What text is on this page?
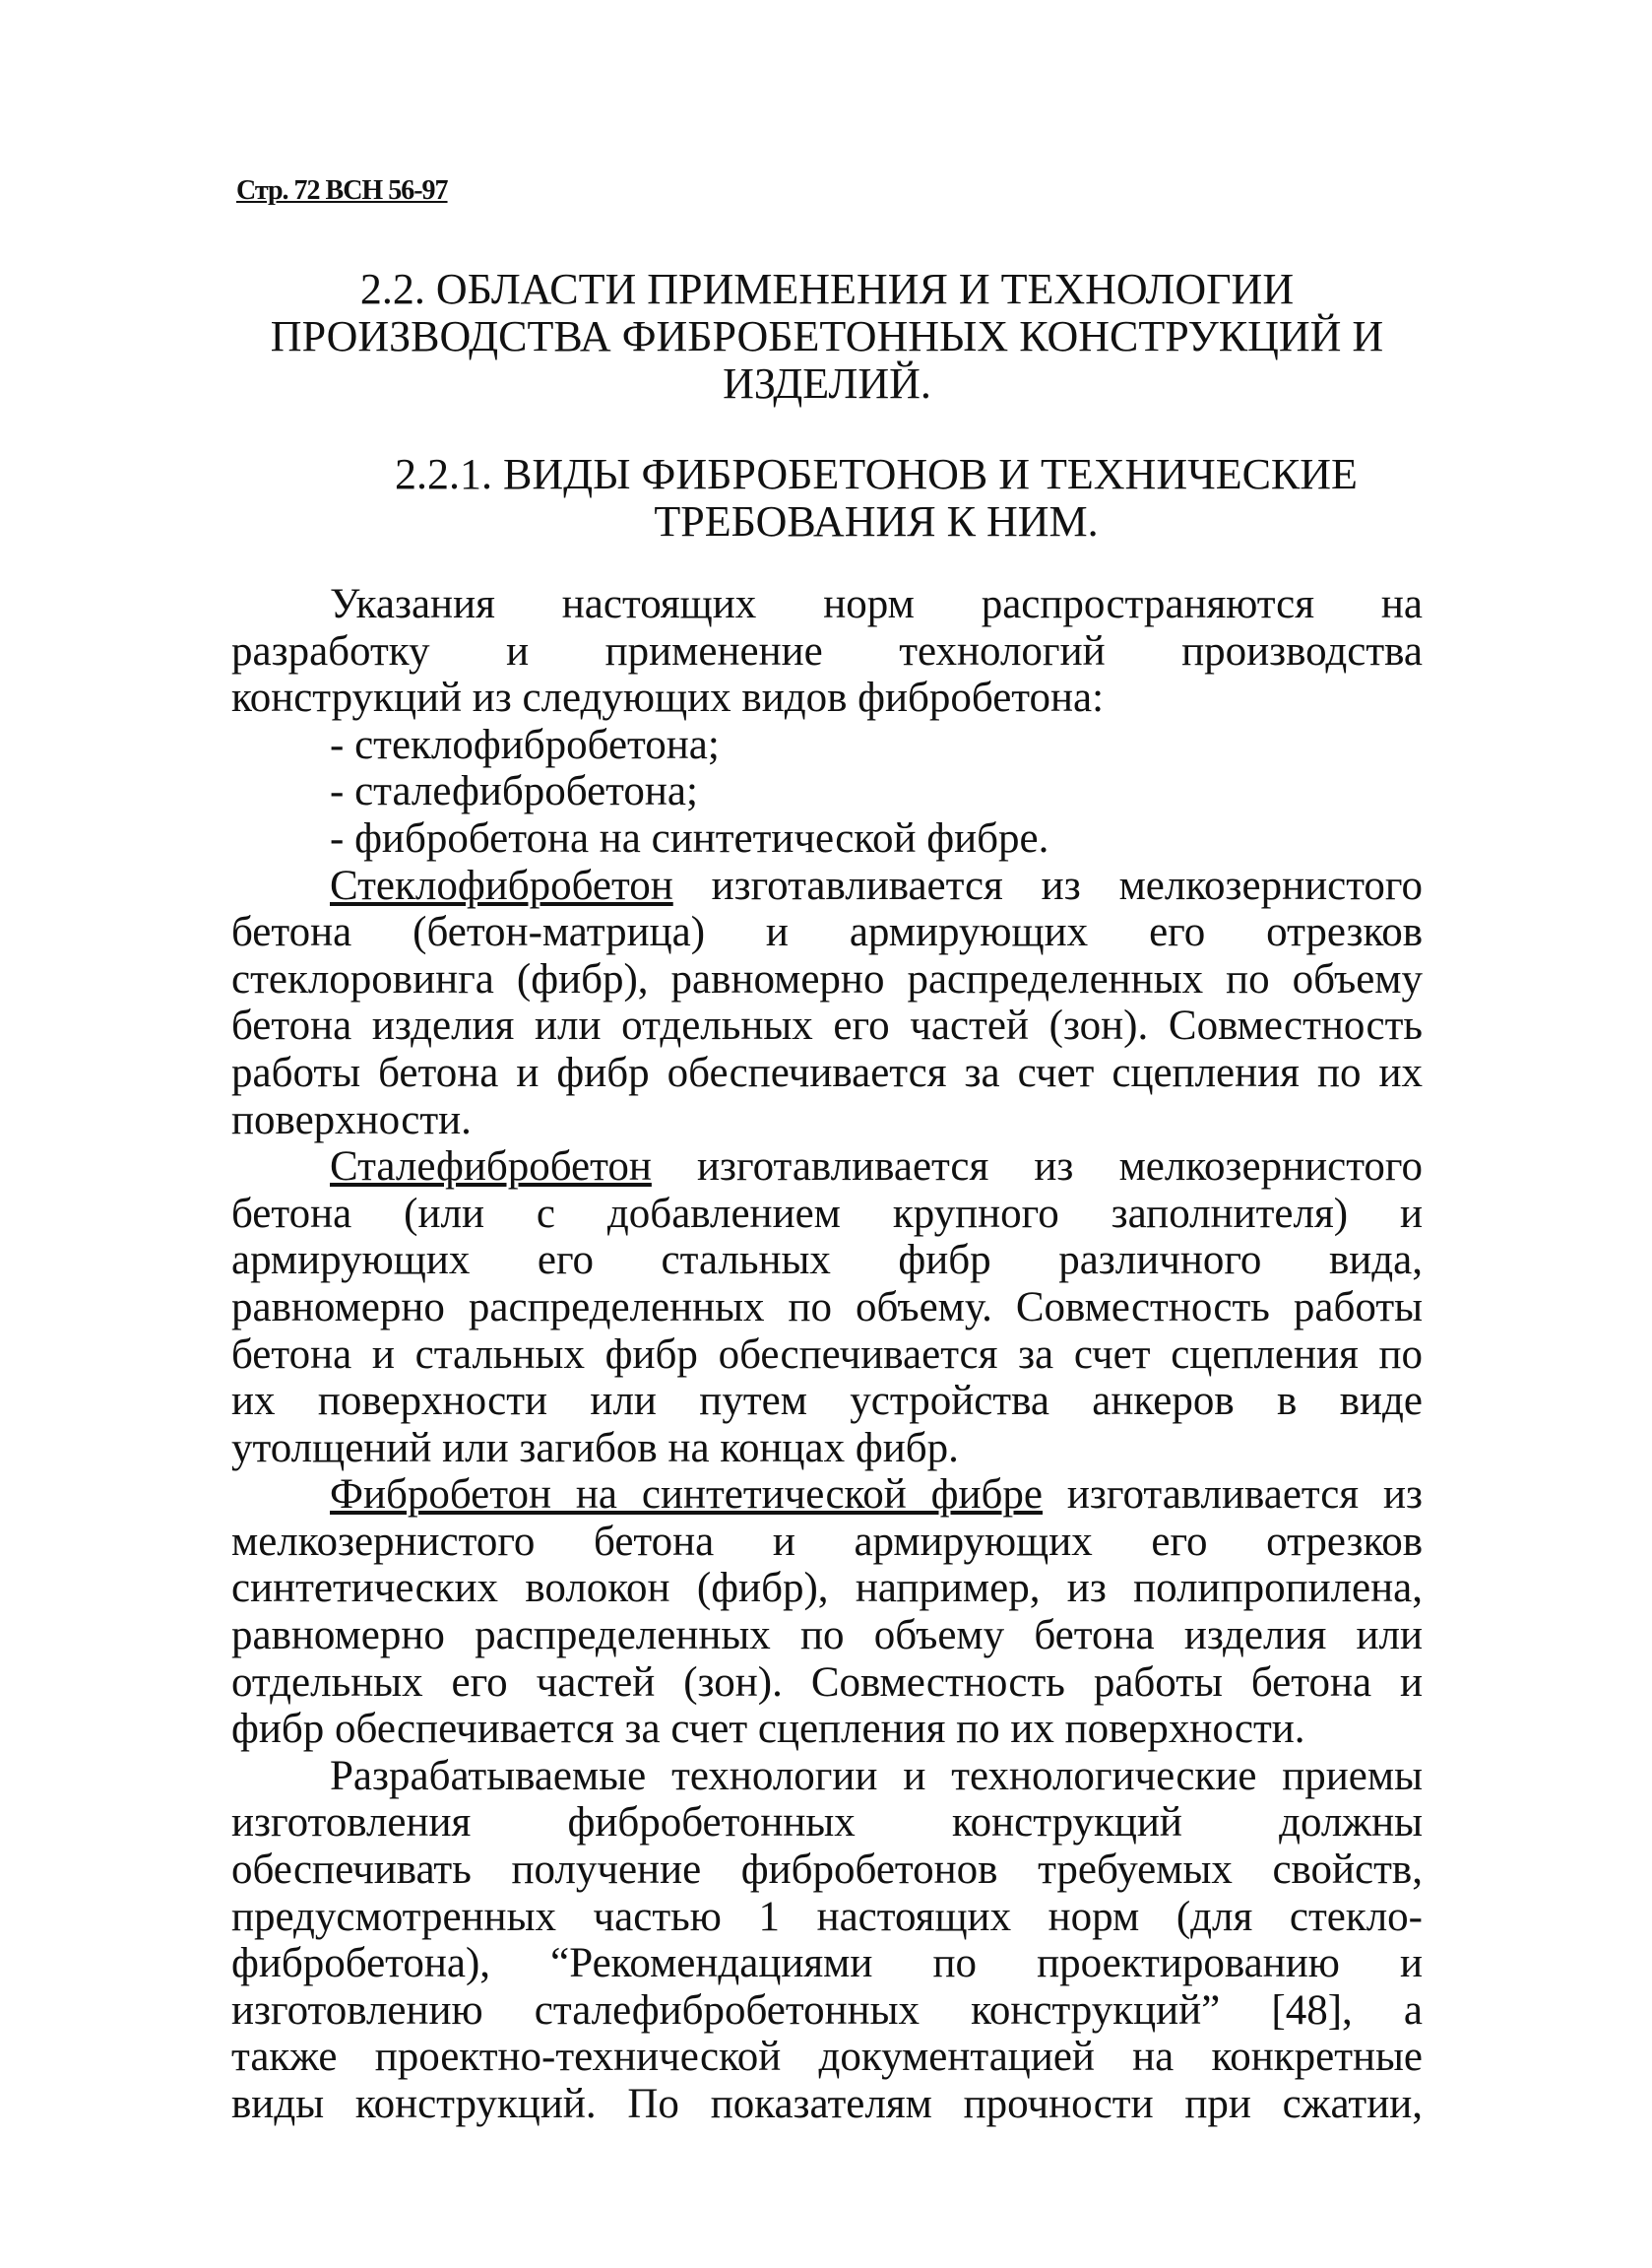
Стр. 72 ВСН 56-97
2.2. ОБЛАСТИ ПРИМЕНЕНИЯ И ТЕХНОЛОГИИ
ПРОИЗВОДСТВА ФИБРОБЕТОННЫХ КОНСТРУКЦИЙ И
ИЗДЕЛИЙ.
2.2.1. ВИДЫ ФИБРОБЕТОНОВ И ТЕХНИЧЕСКИЕ
ТРЕБОВАНИЯ К НИМ.
Указания настоящих норм распространяются на
разработку и применение технологий производства
конструкций из следующих видов фибробетона:
- стеклофибробетона;
- сталефибробетона;
- фибробетона на синтетической фибре.
Стеклофибробетон изготавливается из мелкозернистого
бетона (бетон-матрица) и армирующих его отрезков
стеклоровинга (фибр), равномерно распределенных по объему
бетона изделия или отдельных его частей (зон). Совместность
работы бетона и фибр обеспечивается за счет сцепления по их
поверхности.
Сталефибробетон изготавливается из мелкозернистого
бетона (или с добавлением крупного заполнителя) и
армирующих его стальных фибр различного вида,
равномерно распределенных по объему. Совместность работы
бетона и стальных фибр обеспечивается за счет сцепления по
их поверхности или путем устройства анкеров в виде
утолщений или загибов на концах фибр.
Фибробетон на синтетической фибре изготавливается из
мелкозернистого бетона и армирующих его отрезков
синтетических волокон (фибр), например, из полипропилена,
равномерно распределенных по объему бетона изделия или
отдельных его частей (зон). Совместность работы бетона и
фибр обеспечивается за счет сцепления по их поверхности.
Разрабатываемые технологии и технологические приемы
изготовления фибробетонных конструкций должны
обеспечивать получение фибробетонов требуемых свойств,
предусмотренных частью 1 настоящих норм (для стекло-
фибробетона), “Рекомендациями по проектированию и
изготовлению сталефибробетонных конструкций” [48], а
также проектно-технической документацией на конкретные
виды конструкций. По показателям прочности при сжатии,
